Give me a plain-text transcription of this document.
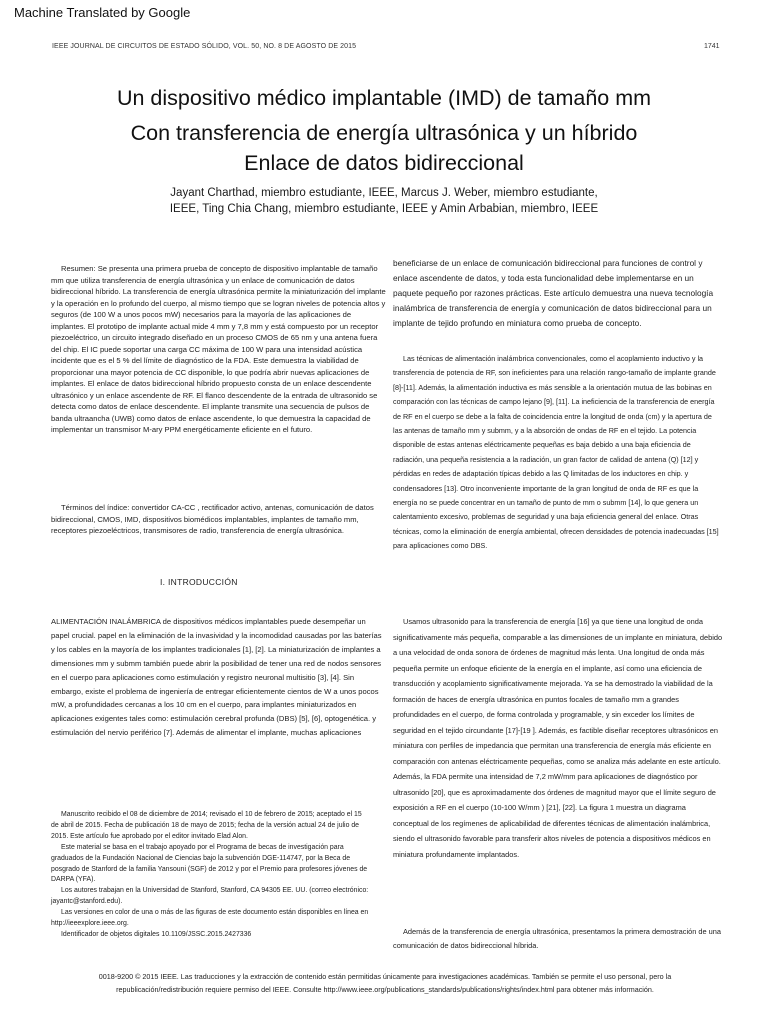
Machine Translated by Google
IEEE JOURNAL DE CIRCUITOS DE ESTADO SÓLIDO, VOL. 50, NO. 8 DE AGOSTO DE 2015	1741
Un dispositivo médico implantable (IMD) de tamaño mm
Con transferencia de energía ultrasónica y un híbrido
Enlace de datos bidireccional
Jayant Charthad, miembro estudiante, IEEE, Marcus J. Weber, miembro estudiante,
IEEE, Ting Chia Chang, miembro estudiante, IEEE y Amin Arbabian, miembro, IEEE

Resumen: Se presenta una primera prueba de concepto de dispositivo implantable de tamaño mm que utiliza transferencia de energía ultrasónica y un enlace de comunicación de datos bidireccional híbrido. La transferencia de energía ultrasónica permite la miniaturización del implante y la operación en lo profundo del cuerpo, al mismo tiempo que se logran niveles de potencia altos y seguros (de 100 W a unos pocos mW) necesarios para la mayoría de las aplicaciones de implantes. El prototipo de implante actual mide 4 mm y 7,8 mm y está compuesto por un receptor piezoeléctrico, un circuito integrado diseñado en un proceso CMOS de 65 nm y una antena fuera del chip. El IC puede soportar una carga CC máxima de 100 W para una intensidad acústica incidente que es el 5 % del límite de diagnóstico de la FDA. Este demuestra la viabilidad de proporcionar una mayor potencia de CC disponible, lo que podría abrir nuevas aplicaciones de implantes. El enlace de datos bidireccional híbrido propuesto consta de un enlace descendente ultrasónico y un enlace ascendente de RF. El flanco descendente de la entrada de ultrasonido se detecta como datos de enlace descendente. El implante transmite una secuencia de pulsos de banda ultraancha (UWB) como datos de enlace ascendente, lo que demuestra la capacidad de implementar un transmisor M-ary PPM energéticamente eficiente en el futuro.

Términos del índice: convertidor CA-CC , rectificador activo, antenas, comunicación de datos bidireccional, CMOS, IMD, dispositivos biomédicos implantables, implantes de tamaño mm, receptores piezoeléctricos, transmisores de radio, transferencia de energía ultrasónica.

I. INTRODUCCIÓN

ALIMENTACIÓN INALÁMBRICA de dispositivos médicos implantables puede desempeñar un papel crucial. papel en la eliminación de la invasividad y la incomodidad causadas por las baterías y los cables en la mayoría de los implantes tradicionales [1], [2]. La miniaturización de implantes a dimensiones mm y submm también puede abrir la posibilidad de tener una red de nodos sensores en el cuerpo para aplicaciones como estimulación y registro neuronal multisitio [3], [4]. Sin embargo, existe el problema de ingeniería de entregar eficientemente cientos de W a unos pocos mW, a profundidades cercanas a los 10 cm en el cuerpo, para implantes miniaturizados en aplicaciones exigentes tales como: estimulación cerebral profunda (DBS) [5], [6], optogenética. y estimulación del nervio periférico [7]. Además de alimentar el implante, muchas aplicaciones

Manuscrito recibido el 08 de diciembre de 2014; revisado el 10 de febrero de 2015; aceptado el 15 de abril de 2015. Fecha de publicación 18 de mayo de 2015; fecha de la versión actual 24 de julio de 2015. Este artículo fue aprobado por el editor invitado Elad Alon.

Este material se basa en el trabajo apoyado por el Programa de becas de investigación para graduados de la Fundación Nacional de Ciencias bajo la subvención DGE-114747, por la Beca de posgrado de Stanford de la familia Yansouni (SGF) de 2012 y por el Premio para profesores jóvenes de DARPA (YFA).

Los autores trabajan en la Universidad de Stanford, Stanford, CA 94305 EE. UU. (correo electrónico: jayantc@stanford.edu).

Las versiones en color de una o más de las figuras de este documento están disponibles en línea en http://ieeexplore.ieee.org.

Identificador de objetos digitales 10.1109/JSSC.2015.2427336

beneficiarse de un enlace de comunicación bidireccional para funciones de control y enlace ascendente de datos, y toda esta funcionalidad debe implementarse en un paquete pequeño por razones prácticas. Este artículo demuestra una nueva tecnología inalámbrica de transferencia de energía y comunicación de datos bidireccional para un implante de tejido profundo en miniatura como prueba de concepto.

Las técnicas de alimentación inalámbrica convencionales, como el acoplamiento inductivo y la transferencia de potencia de RF, son ineficientes para una relación rango-tamaño de implante grande [8]-[11]. Además, la alimentación inductiva es más sensible a la orientación mutua de las bobinas en comparación con las técnicas de campo lejano [9], [11]. La ineficiencia de la transferencia de energía de RF en el cuerpo se debe a la falta de coincidencia entre la longitud de onda (cm) y la apertura de las antenas de tamaño mm y submm, y a la absorción de ondas de RF en el tejido. La potencia disponible de estas antenas eléctricamente pequeñas es baja debido a una baja eficiencia de radiación, una pequeña resistencia a la radiación, un gran factor de calidad de antena (Q) [12] y pérdidas en redes de adaptación típicas debido a las Q limitadas de los inductores en chip. y condensadores [13]. Otro inconveniente importante de la gran longitud de onda de RF es que la energía no se puede concentrar en un tamaño de punto de mm o submm [14], lo que genera un calentamiento excesivo, problemas de seguridad y una baja eficiencia general del enlace. Otras técnicas, como la eliminación de energía ambiental, ofrecen densidades de potencia inadecuadas [15] para aplicaciones como DBS.

Usamos ultrasonido para la transferencia de energía [16] ya que tiene una longitud de onda significativamente más pequeña, comparable a las dimensiones de un implante en miniatura, debido a una velocidad de onda sonora de órdenes de magnitud más lenta. Una longitud de onda más pequeña permite un enfoque eficiente de la energía en el implante, así como una eficiencia de transducción y acoplamiento significativamente mejorada. Ya se ha demostrado la viabilidad de la formación de haces de energía ultrasónica en puntos focales de tamaño mm a grandes profundidades en el cuerpo, de forma controlada y programable, y sin exceder los límites de seguridad en el tejido circundante [17]-[19 ]. Además, es factible diseñar receptores ultrasónicos en miniatura con perfiles de impedancia que permitan una transferencia de energía más eficiente en comparación con antenas eléctricamente pequeñas, como se analiza más adelante en este artículo. Además, la FDA permite una intensidad de 7,2 mW/mm para aplicaciones de diagnóstico por ultrasonido [20], que es aproximadamente dos órdenes de magnitud mayor que el límite seguro de exposición a RF en el cuerpo (10-100 W/mm ) [21], [22]. La figura 1 muestra un diagrama conceptual de los regímenes de aplicabilidad de diferentes técnicas de alimentación inalámbrica, siendo el ultrasonido favorable para transferir altos niveles de potencia a dispositivos médicos en miniatura profundamente implantados.

Además de la transferencia de energía ultrasónica, presentamos la primera demostración de una comunicación de datos bidireccional híbrida.

0018-9200 © 2015 IEEE. Las traducciones y la extracción de contenido están permitidas únicamente para investigaciones académicas. También se permite el uso personal, pero la republicación/redistribución requiere permiso del IEEE. Consulte http://www.ieee.org/publications_standards/publications/rights/index.html para obtener más información.
